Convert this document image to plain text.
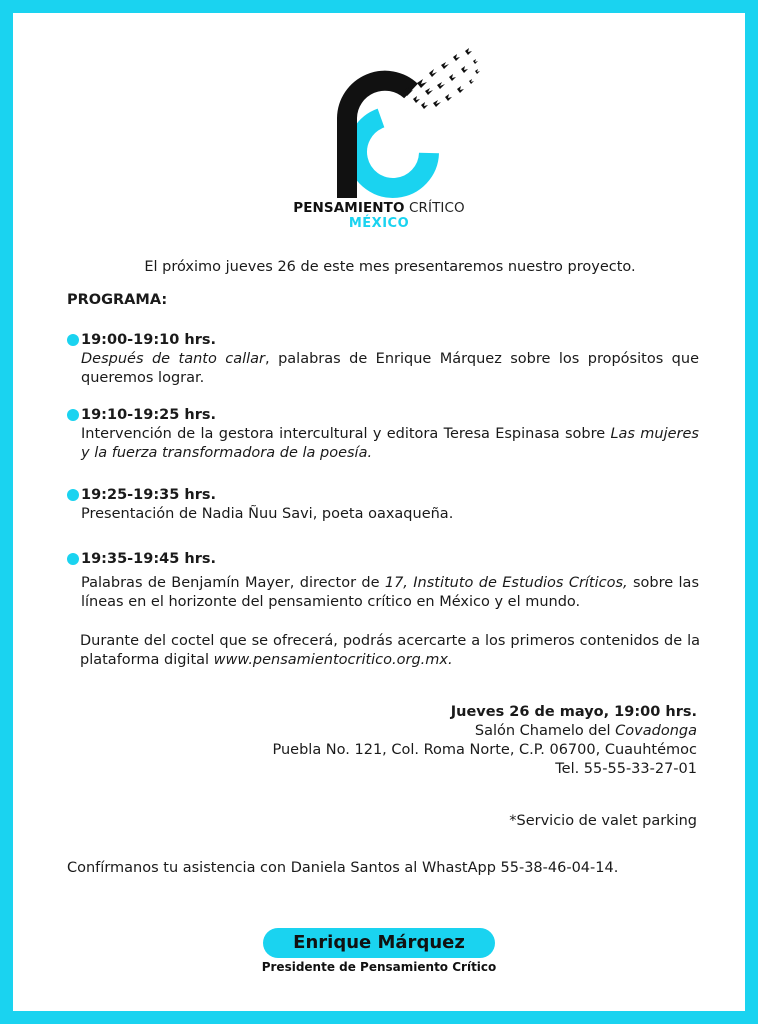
PENSAMIENTO CRÍTICO
MÉXICO
El próximo jueves 26 de este mes presentaremos nuestro proyecto.
PROGRAMA:
19:00-19:10 hrs.
Después de tanto callar, palabras de Enrique Márquez sobre los propósitos que queremos lograr.
19:10-19:25 hrs.
Intervención de la gestora intercultural y editora Teresa Espinasa sobre Las mujeres y la fuerza transformadora de la poesía.
19:25-19:35 hrs.
Presentación de Nadia Ñuu Savi, poeta oaxaqueña.
19:35-19:45 hrs.
Palabras de Benjamín Mayer, director de 17, Instituto de Estudios Críticos, sobre las líneas en el horizonte del pensamiento crítico en México y el mundo.
Durante del coctel que se ofrecerá, podrás acercarte a los primeros contenidos de la plataforma digital www.pensamientocritico.org.mx.
Jueves 26 de mayo, 19:00 hrs.
Salón Chamelo del Covadonga
Puebla No. 121, Col. Roma Norte, C.P. 06700, Cuauhtémoc
Tel. 55-55-33-27-01
*Servicio de valet parking
Confírmanos tu asistencia con Daniela Santos al WhastApp 55-38-46-04-14.
Enrique Márquez
Presidente de Pensamiento Crítico
